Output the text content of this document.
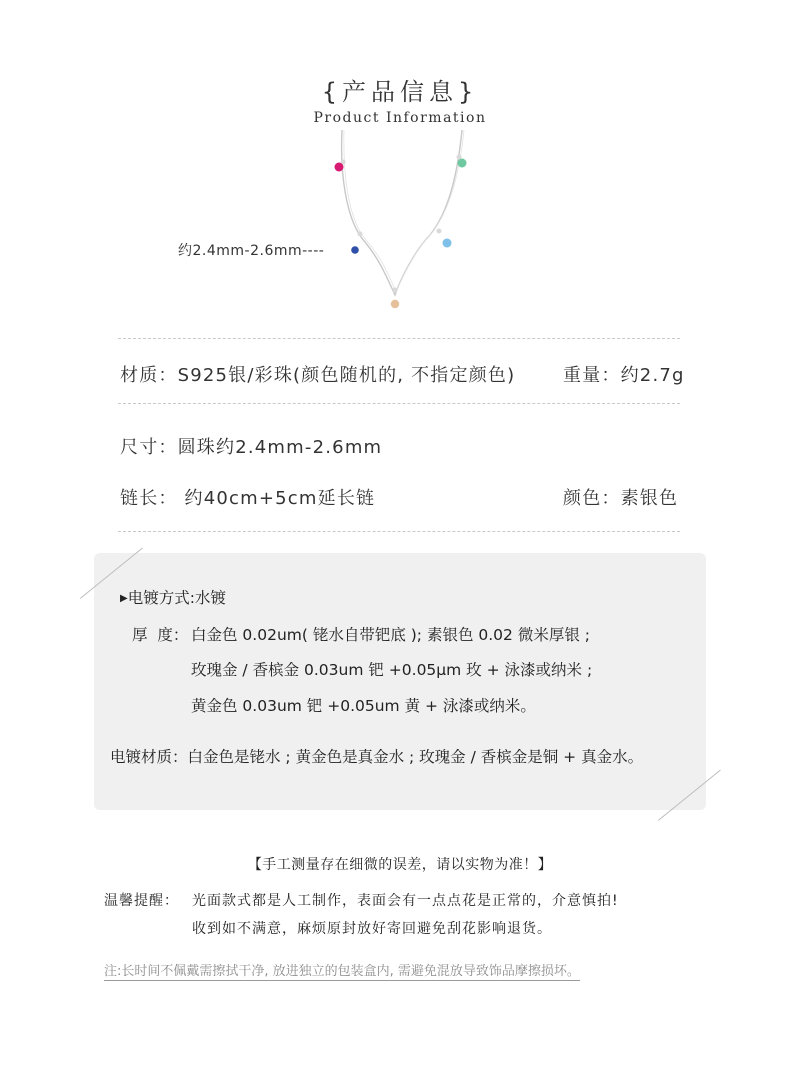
{产品信息}
Product Information
约2.4mm-2.6mm----
材质：S925银/彩珠(颜色随机的, 不指定颜色)	重量：约2.7g
尺寸：圆珠约2.4mm-2.6mm
链长： 约40cm+5cm延长链	颜色：素银色
▶电镀方式:水镀
厚  度： 白金色 0.02um( 铑水自带钯底 ); 素银色 0.02 微米厚银 ;
玫瑰金 / 香槟金 0.03um 钯 +0.05μm 玫 + 泳漆或纳米 ;
黄金色 0.03um 钯 +0.05um 黄 + 泳漆或纳米。
电镀材质：白金色是铑水 ; 黄金色是真金水 ; 玫瑰金 / 香槟金是铜 + 真金水。
【手工测量存在细微的误差，请以实物为准！】
温馨提醒： 光面款式都是人工制作，表面会有一点点花是正常的，介意慎拍!
收到如不满意，麻烦原封放好寄回避免刮花影响退货。
注:长时间不佩戴需擦拭干净, 放进独立的包装盒内, 需避免混放导致饰品摩擦损坏。
